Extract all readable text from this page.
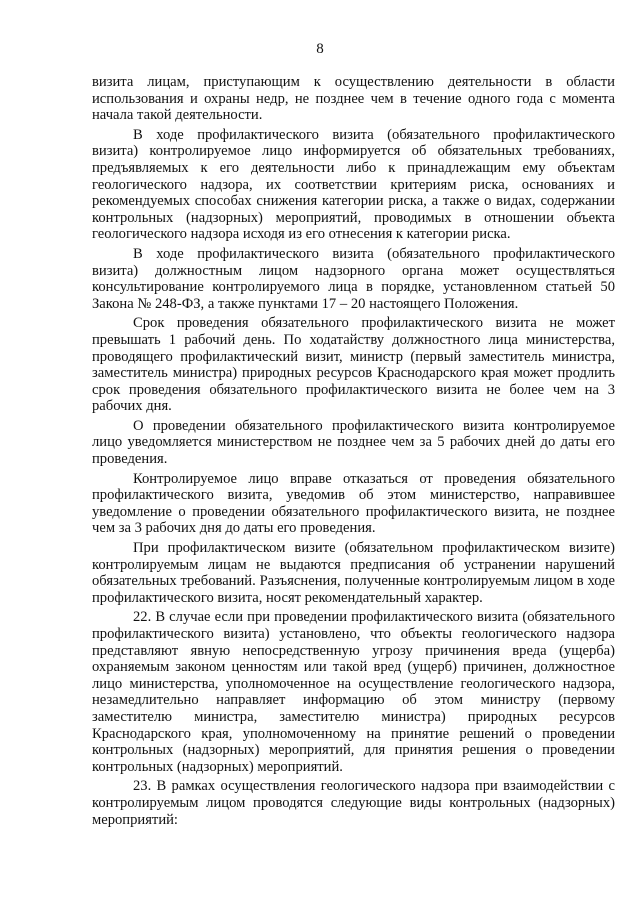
8

визита лицам, приступающим к осуществлению деятельности в области использования и охраны недр, не позднее чем в течение одного года с момента начала такой деятельности.

В ходе профилактического визита (обязательного профилактического визита) контролируемое лицо информируется об обязательных требованиях, предъявляемых к его деятельности либо к принадлежащим ему объектам геологического надзора, их соответствии критериям риска, основаниях и рекомендуемых способах снижения категории риска, а также о видах, содержании контрольных (надзорных) мероприятий, проводимых в отношении объекта геологического надзора исходя из его отнесения к категории риска.

В ходе профилактического визита (обязательного профилактического визита) должностным лицом надзорного органа может осуществляться консультирование контролируемого лица в порядке, установленном статьей 50 Закона № 248-ФЗ, а также пунктами 17 – 20 настоящего Положения.

Срок проведения обязательного профилактического визита не может превышать 1 рабочий день. По ходатайству должностного лица министерства, проводящего профилактический визит, министр (первый заместитель министра, заместитель министра) природных ресурсов Краснодарского края может продлить срок проведения обязательного профилактического визита не более чем на 3 рабочих дня.

О проведении обязательного профилактического визита контролируемое лицо уведомляется министерством не позднее чем за 5 рабочих дней до даты его проведения.

Контролируемое лицо вправе отказаться от проведения обязательного профилактического визита, уведомив об этом министерство, направившее уведомление о проведении обязательного профилактического визита, не позднее чем за 3 рабочих дня до даты его проведения.

При профилактическом визите (обязательном профилактическом визите) контролируемым лицам не выдаются предписания об устранении нарушений обязательных требований. Разъяснения, полученные контролируемым лицом в ходе профилактического визита, носят рекомендательный характер.

22. В случае если при проведении профилактического визита (обязательного профилактического визита) установлено, что объекты геологического надзора представляют явную непосредственную угрозу причинения вреда (ущерба) охраняемым законом ценностям или такой вред (ущерб) причинен, должностное лицо министерства, уполномоченное на осуществление геологического надзора, незамедлительно направляет информацию об этом министру (первому заместителю министра, заместителю министра) природных ресурсов Краснодарского края, уполномоченному на принятие решений о проведении контрольных (надзорных) мероприятий, для принятия решения о проведении контрольных (надзорных) мероприятий.

23. В рамках осуществления геологического надзора при взаимодействии с контролируемым лицом проводятся следующие виды контрольных (надзорных) мероприятий:
